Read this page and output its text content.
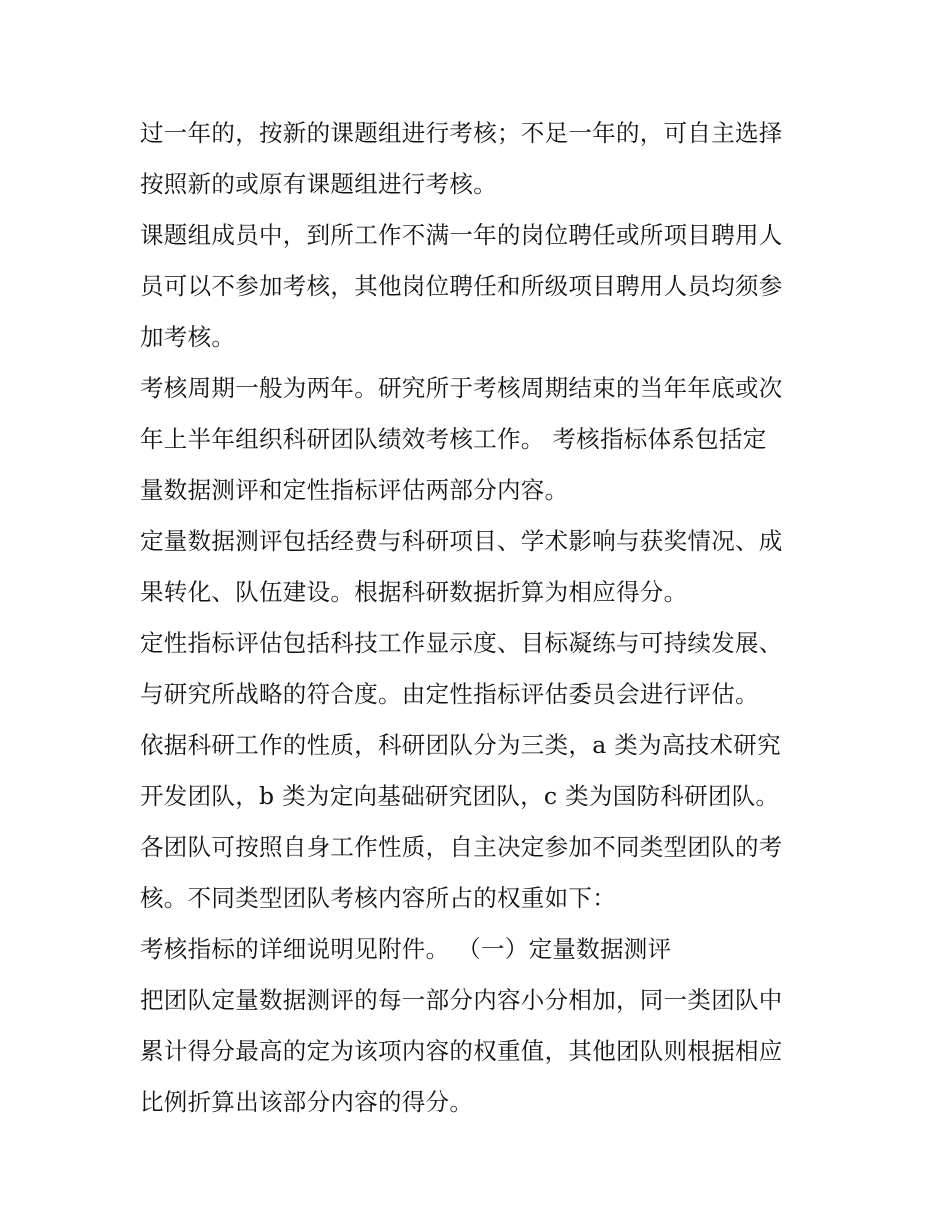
过一年的，按新的课题组进行考核；不足一年的，可自主选择
按照新的或原有课题组进行考核。
课题组成员中，到所工作不满一年的岗位聘任或所项目聘用人
员可以不参加考核，其他岗位聘任和所级项目聘用人员均须参
加考核。
考核周期一般为两年。研究所于考核周期结束的当年年底或次
年上半年组织科研团队绩效考核工作。 考核指标体系包括定
量数据测评和定性指标评估两部分内容。
定量数据测评包括经费与科研项目、学术影响与获奖情况、成
果转化、队伍建设。根据科研数据折算为相应得分。
定性指标评估包括科技工作显示度、目标凝练与可持续发展、
与研究所战略的符合度。由定性指标评估委员会进行评估。
依据科研工作的性质，科研团队分为三类，a 类为高技术研究
开发团队，b 类为定向基础研究团队，c 类为国防科研团队。
各团队可按照自身工作性质，自主决定参加不同类型团队的考
核。不同类型团队考核内容所占的权重如下：
考核指标的详细说明见附件。 （一）定量数据测评
把团队定量数据测评的每一部分内容小分相加，同一类团队中
累计得分最高的定为该项内容的权重值，其他团队则根据相应
比例折算出该部分内容的得分。
